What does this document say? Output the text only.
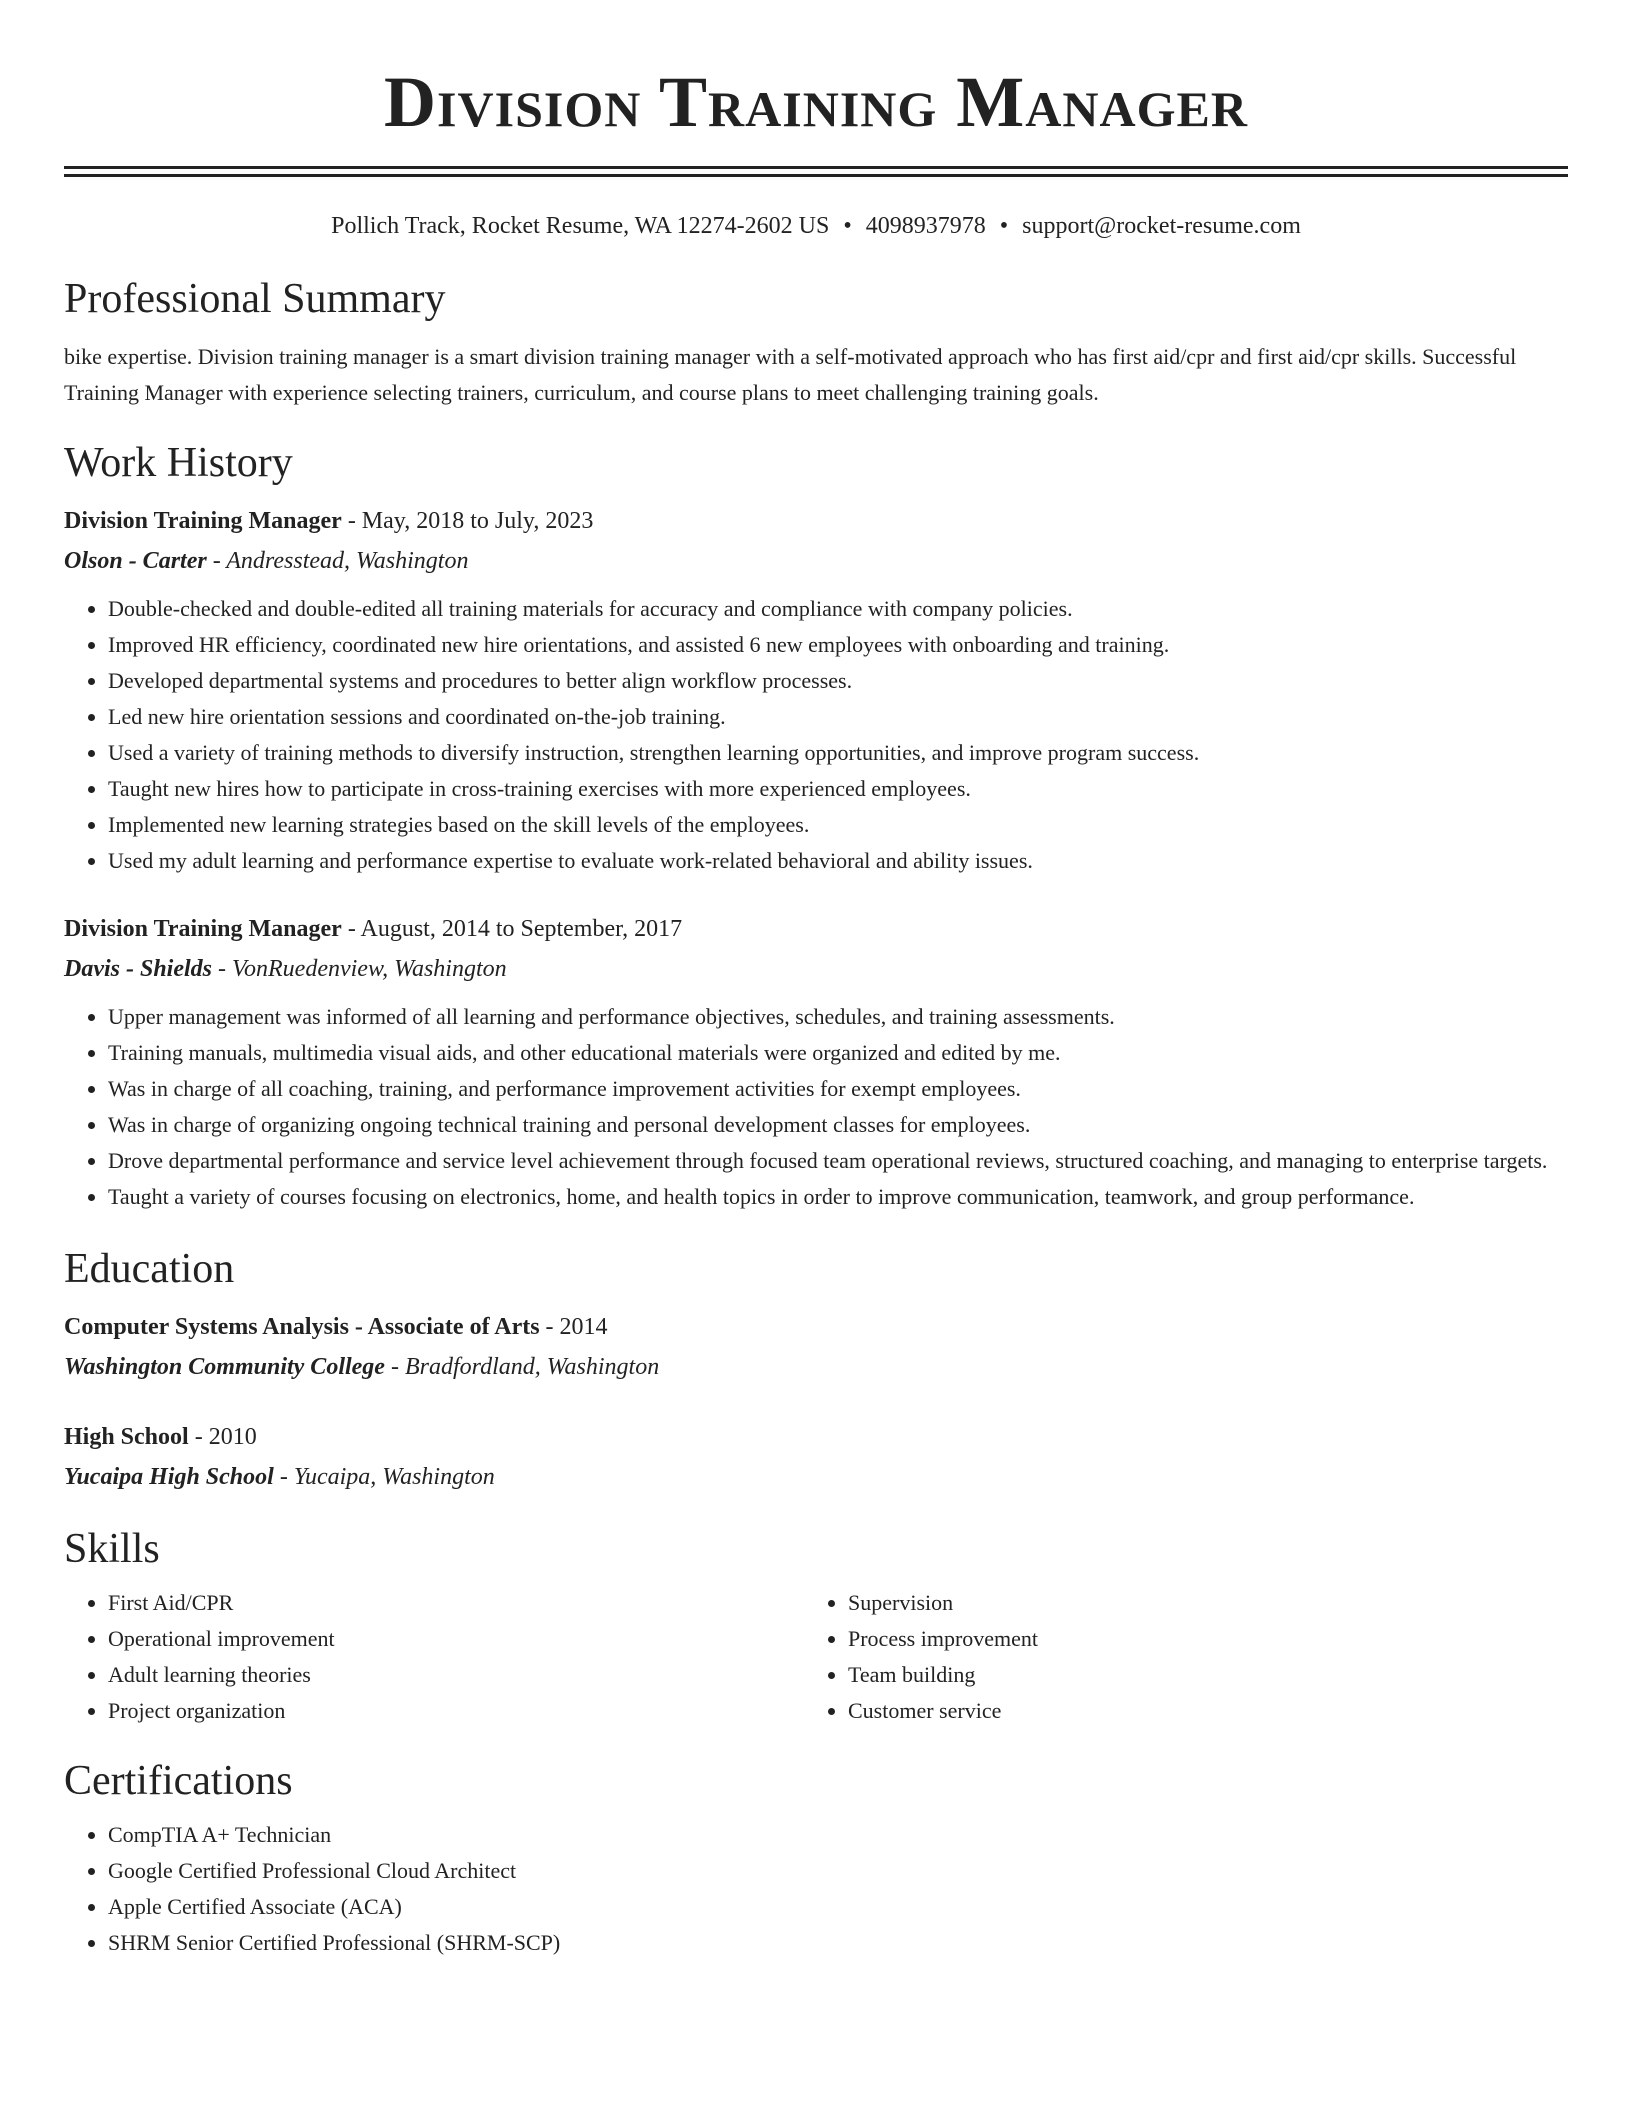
Division Training Manager
Pollich Track, Rocket Resume, WA 12274-2602 US • 4098937978 • support@rocket-resume.com
Professional Summary

bike expertise. Division training manager is a smart division training manager with a self-motivated approach who has first aid/cpr and first aid/cpr skills. Successful Training Manager with experience selecting trainers, curriculum, and course plans to meet challenging training goals.

Work History
Division Training Manager - May, 2018 to July, 2023
Olson - Carter - Andresstead, Washington
• Double-checked and double-edited all training materials for accuracy and compliance with company policies.
• Improved HR efficiency, coordinated new hire orientations, and assisted 6 new employees with onboarding and training.
• Developed departmental systems and procedures to better align workflow processes.
• Led new hire orientation sessions and coordinated on-the-job training.
• Used a variety of training methods to diversify instruction, strengthen learning opportunities, and improve program success.
• Taught new hires how to participate in cross-training exercises with more experienced employees.
• Implemented new learning strategies based on the skill levels of the employees.
• Used my adult learning and performance expertise to evaluate work-related behavioral and ability issues.
Division Training Manager - August, 2014 to September, 2017
Davis - Shields - VonRuedenview, Washington
• Upper management was informed of all learning and performance objectives, schedules, and training assessments.
• Training manuals, multimedia visual aids, and other educational materials were organized and edited by me.
• Was in charge of all coaching, training, and performance improvement activities for exempt employees.
• Was in charge of organizing ongoing technical training and personal development classes for employees.
• Drove departmental performance and service level achievement through focused team operational reviews, structured coaching, and managing to enterprise targets.
• Taught a variety of courses focusing on electronics, home, and health topics in order to improve communication, teamwork, and group performance.
Education
Computer Systems Analysis - Associate of Arts - 2014
Washington Community College - Bradfordland, Washington
High School - 2010
Yucaipa High School - Yucaipa, Washington
Skills
• First Aid/CPR
• Operational improvement
• Adult learning theories
• Project organization
• Supervision
• Process improvement
• Team building
• Customer service
Certifications
• CompTIA A+ Technician
• Google Certified Professional Cloud Architect
• Apple Certified Associate (ACA)
• SHRM Senior Certified Professional (SHRM-SCP)
